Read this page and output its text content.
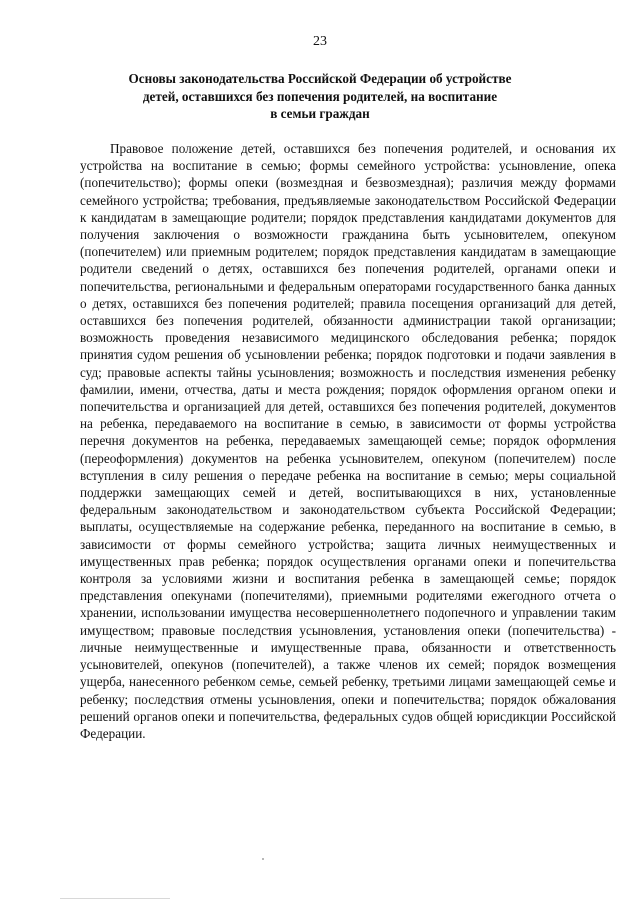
23
Основы законодательства Российской Федерации об устройстве
детей, оставшихся без попечения родителей, на воспитание
в семьи граждан

Правовое положение детей, оставшихся без попечения родителей, и основания их устройства на воспитание в семью; формы семейного устройства: усыновление, опека (попечительство); формы опеки (возмездная и безвозмездная); различия между формами семейного устройства; требования, предъявляемые законодательством Российской Федерации к кандидатам в замещающие родители; порядок представления кандидатами документов для получения заключения о возможности гражданина быть усыновителем, опекуном (попечителем) или приемным родителем; порядок представления кандидатам в замещающие родители сведений о детях, оставшихся без попечения родителей, органами опеки и попечительства, региональными и федеральным операторами государственного банка данных о детях, оставшихся без попечения родителей; правила посещения организаций для детей, оставшихся без попечения родителей, обязанности администрации такой организации; возможность проведения независимого медицинского обследования ребенка; порядок принятия судом решения об усыновлении ребенка; порядок подготовки и подачи заявления в суд; правовые аспекты тайны усыновления; возможность и последствия изменения ребенку фамилии, имени, отчества, даты и места рождения; порядок оформления органом опеки и попечительства и организацией для детей, оставшихся без попечения родителей, документов на ребенка, передаваемого на воспитание в семью, в зависимости от формы устройства перечня документов на ребенка, передаваемых замещающей семье; порядок оформления (переоформления) документов на ребенка усыновителем, опекуном (попечителем) после вступления в силу решения о передаче ребенка на воспитание в семью; меры социальной поддержки замещающих семей и детей, воспитывающихся в них, установленные федеральным законодательством и законодательством субъекта Российской Федерации; выплаты, осуществляемые на содержание ребенка, переданного на воспитание в семью, в зависимости от формы семейного устройства; защита личных неимущественных и имущественных прав ребенка; порядок осуществления органами опеки и попечительства контроля за условиями жизни и воспитания ребенка в замещающей семье; порядок представления опекунами (попечителями), приемными родителями ежегодного отчета о хранении, использовании имущества несовершеннолетнего подопечного и управлении таким имуществом; правовые последствия усыновления, установления опеки (попечительства) - личные неимущественные и имущественные права, обязанности и ответственность усыновителей, опекунов (попечителей), а также членов их семей; порядок возмещения ущерба, нанесенного ребенком семье, семьей ребенку, третьими лицами замещающей семье и ребенку; последствия отмены усыновления, опеки и попечительства; порядок обжалования решений органов опеки и попечительства, федеральных судов общей юрисдикции Российской Федерации.
